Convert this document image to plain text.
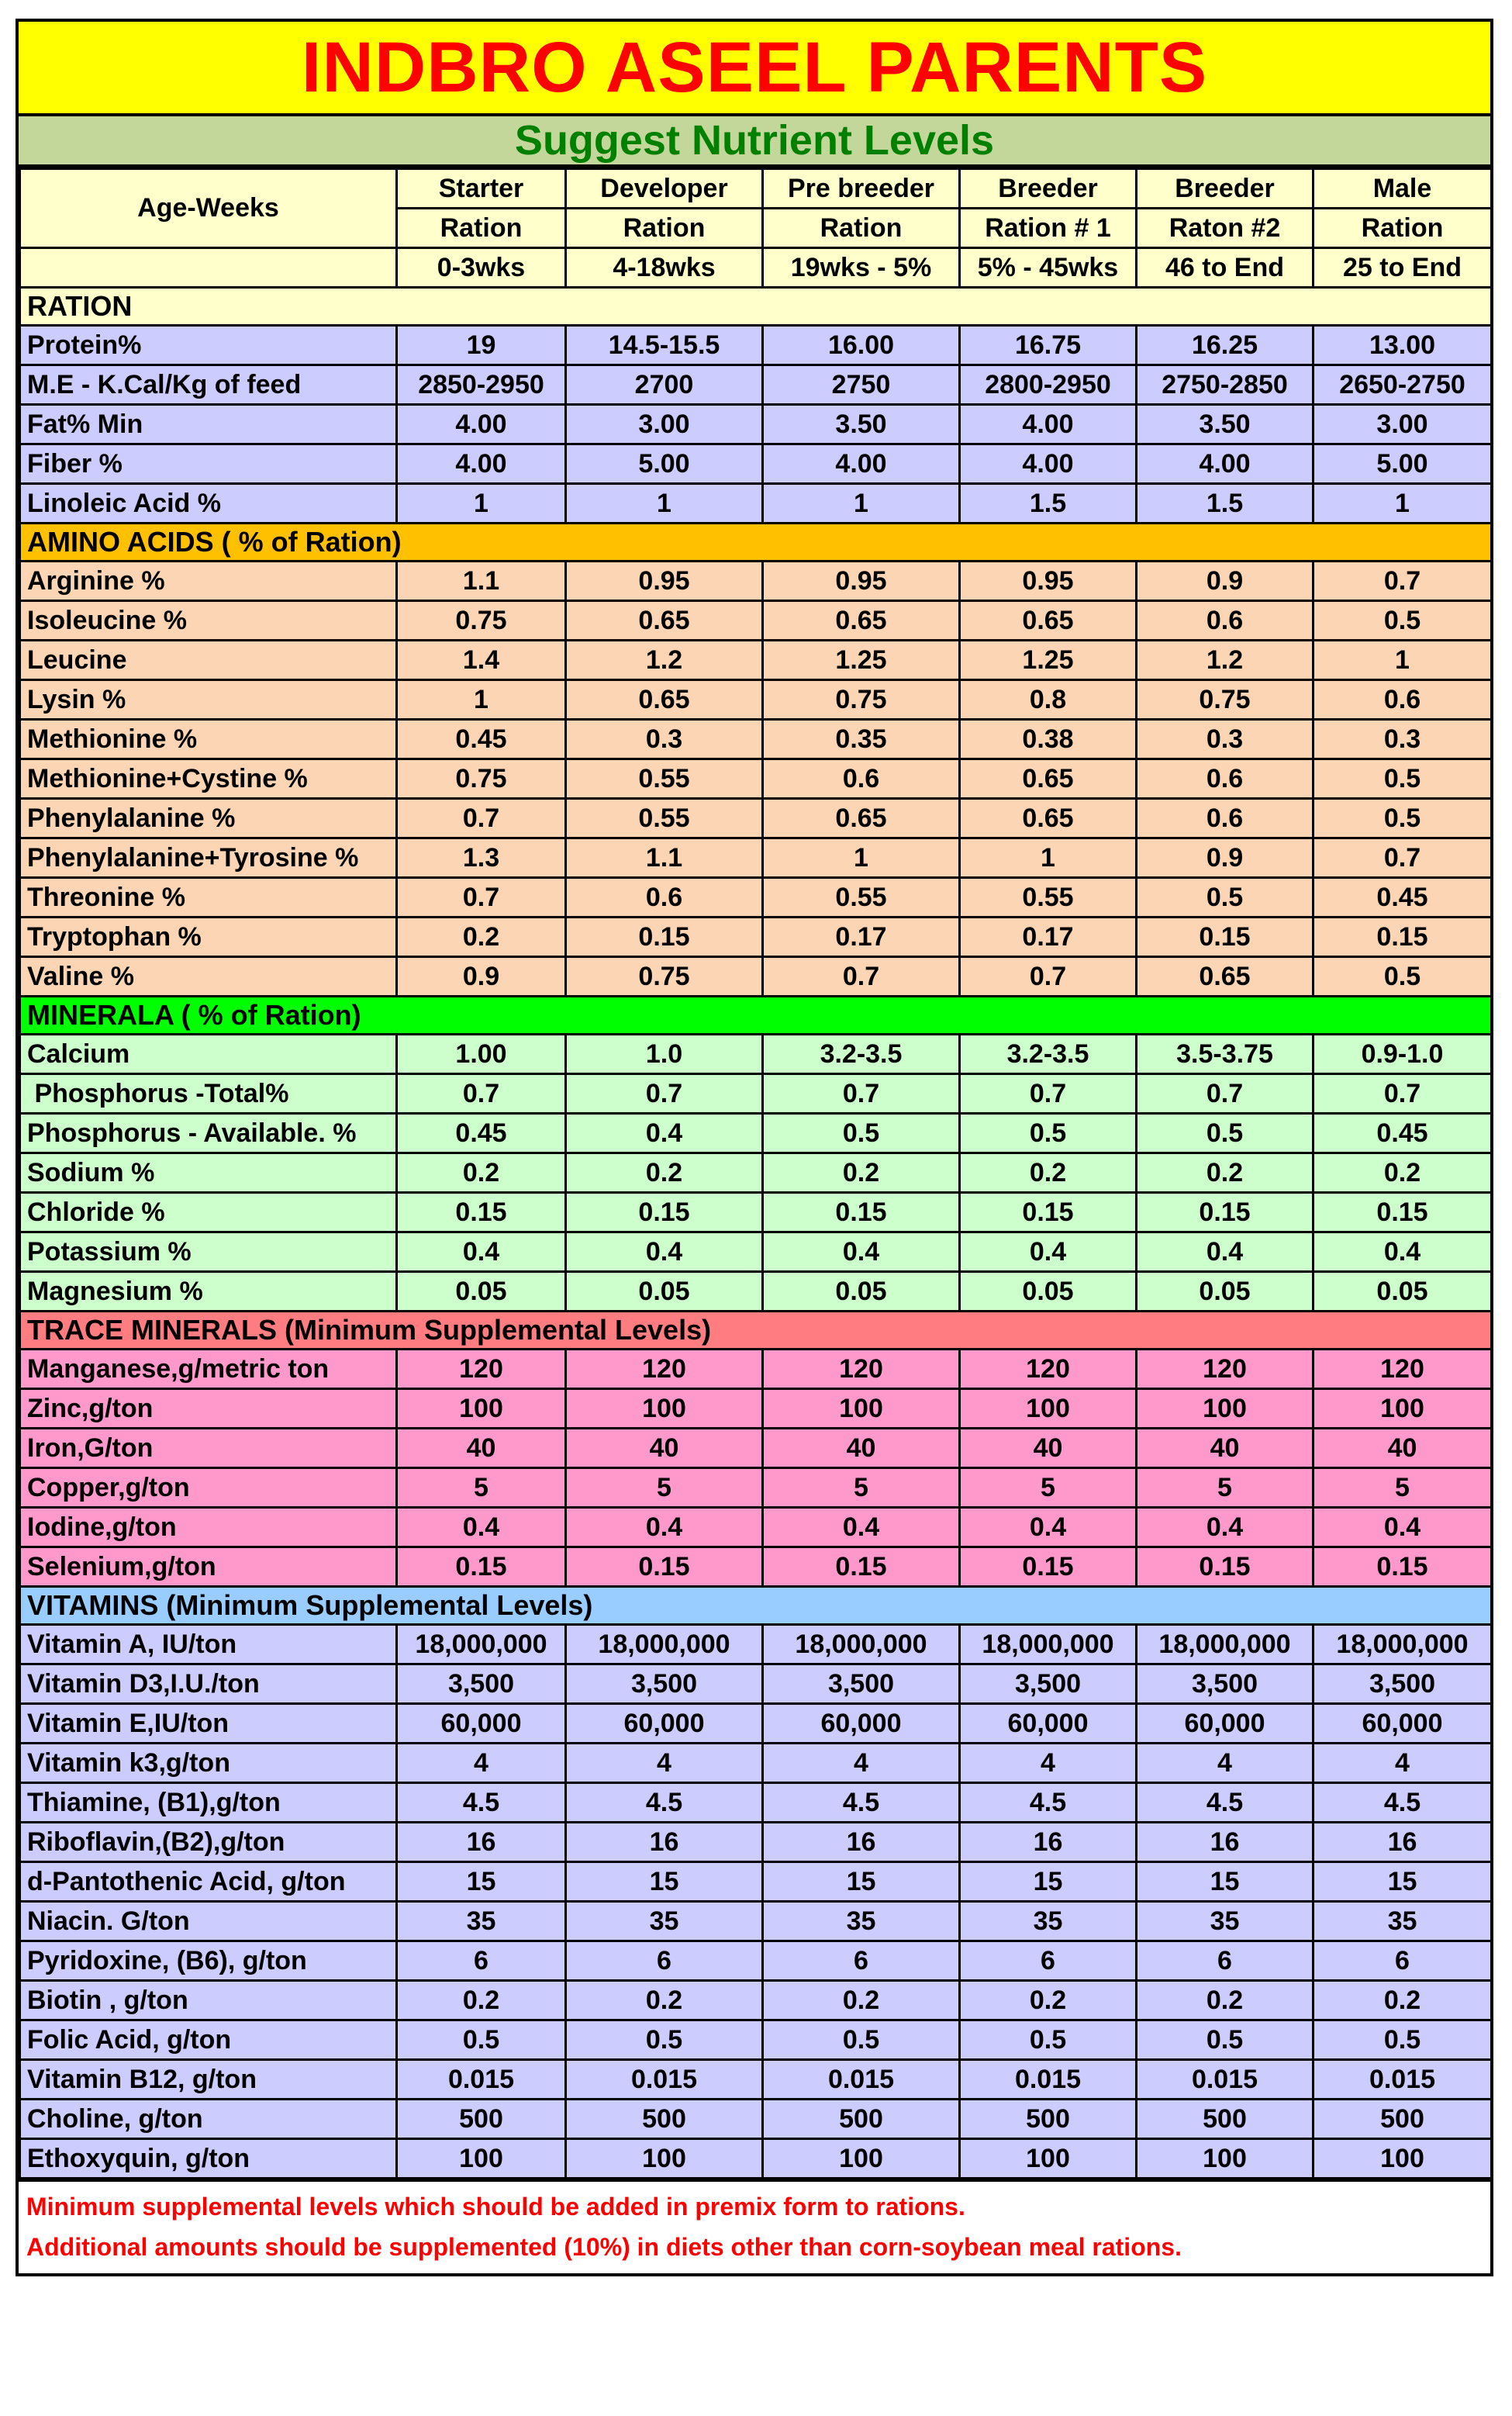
INDBRO ASEEL PARENTS
Suggest Nutrient Levels
Age-Weeks	Starter	Developer	Pre breeder	Breeder	Breeder	Male
	Ration	Ration	Ration	Ration # 1	Raton #2	Ration
	0-3wks	4-18wks	19wks - 5%	5% - 45wks	46 to End	25 to End
RATION						
Protein%	19	14.5-15.5	16.00	16.75	16.25	13.00
M.E - K.Cal/Kg of feed	2850-2950	2700	2750	2800-2950	2750-2850	2650-2750
Fat% Min	4.00	3.00	3.50	4.00	3.50	3.00
Fiber %	4.00	5.00	4.00	4.00	4.00	5.00
Linoleic Acid %	1	1	1	1.5	1.5	1
AMINO ACIDS ( % of Ration)						
Arginine %	1.1	0.95	0.95	0.95	0.9	0.7
Isoleucine %	0.75	0.65	0.65	0.65	0.6	0.5
Leucine	1.4	1.2	1.25	1.25	1.2	1
Lysin %	1	0.65	0.75	0.8	0.75	0.6
Methionine %	0.45	0.3	0.35	0.38	0.3	0.3
Methionine+Cystine %	0.75	0.55	0.6	0.65	0.6	0.5
Phenylalanine %	0.7	0.55	0.65	0.65	0.6	0.5
Phenylalanine+Tyrosine %	1.3	1.1	1	1	0.9	0.7
Threonine %	0.7	0.6	0.55	0.55	0.5	0.45
Tryptophan %	0.2	0.15	0.17	0.17	0.15	0.15
Valine %	0.9	0.75	0.7	0.7	0.65	0.5
MINERALA ( % of Ration)						
Calcium	1.00	1.0	3.2-3.5	3.2-3.5	3.5-3.75	0.9-1.0
Phosphorus -Total%	0.7	0.7	0.7	0.7	0.7	0.7
Phosphorus - Available. %	0.45	0.4	0.5	0.5	0.5	0.45
Sodium %	0.2	0.2	0.2	0.2	0.2	0.2
Chloride %	0.15	0.15	0.15	0.15	0.15	0.15
Potassium %	0.4	0.4	0.4	0.4	0.4	0.4
Magnesium %	0.05	0.05	0.05	0.05	0.05	0.05
TRACE MINERALS (Minimum Supplemental Levels)						
Manganese,g/metric ton	120	120	120	120	120	120
Zinc,g/ton	100	100	100	100	100	100
Iron,G/ton	40	40	40	40	40	40
Copper,g/ton	5	5	5	5	5	5
Iodine,g/ton	0.4	0.4	0.4	0.4	0.4	0.4
Selenium,g/ton	0.15	0.15	0.15	0.15	0.15	0.15
VITAMINS (Minimum Supplemental Levels)						
Vitamin A, IU/ton	18,000,000	18,000,000	18,000,000	18,000,000	18,000,000	18,000,000
Vitamin D3,I.U./ton	3,500	3,500	3,500	3,500	3,500	3,500
Vitamin E,IU/ton	60,000	60,000	60,000	60,000	60,000	60,000
Vitamin k3,g/ton	4	4	4	4	4	4
Thiamine, (B1),g/ton	4.5	4.5	4.5	4.5	4.5	4.5
Riboflavin,(B2),g/ton	16	16	16	16	16	16
d-Pantothenic Acid, g/ton	15	15	15	15	15	15
Niacin. G/ton	35	35	35	35	35	35
Pyridoxine, (B6), g/ton	6	6	6	6	6	6
Biotin , g/ton	0.2	0.2	0.2	0.2	0.2	0.2
Folic Acid, g/ton	0.5	0.5	0.5	0.5	0.5	0.5
Vitamin B12, g/ton	0.015	0.015	0.015	0.015	0.015	0.015
Choline, g/ton	500	500	500	500	500	500
Ethoxyquin, g/ton	100	100	100	100	100	100
Minimum supplemental levels which should be added in premix form to rations.
Additional amounts should be supplemented (10%) in diets other than corn-soybean meal rations.
